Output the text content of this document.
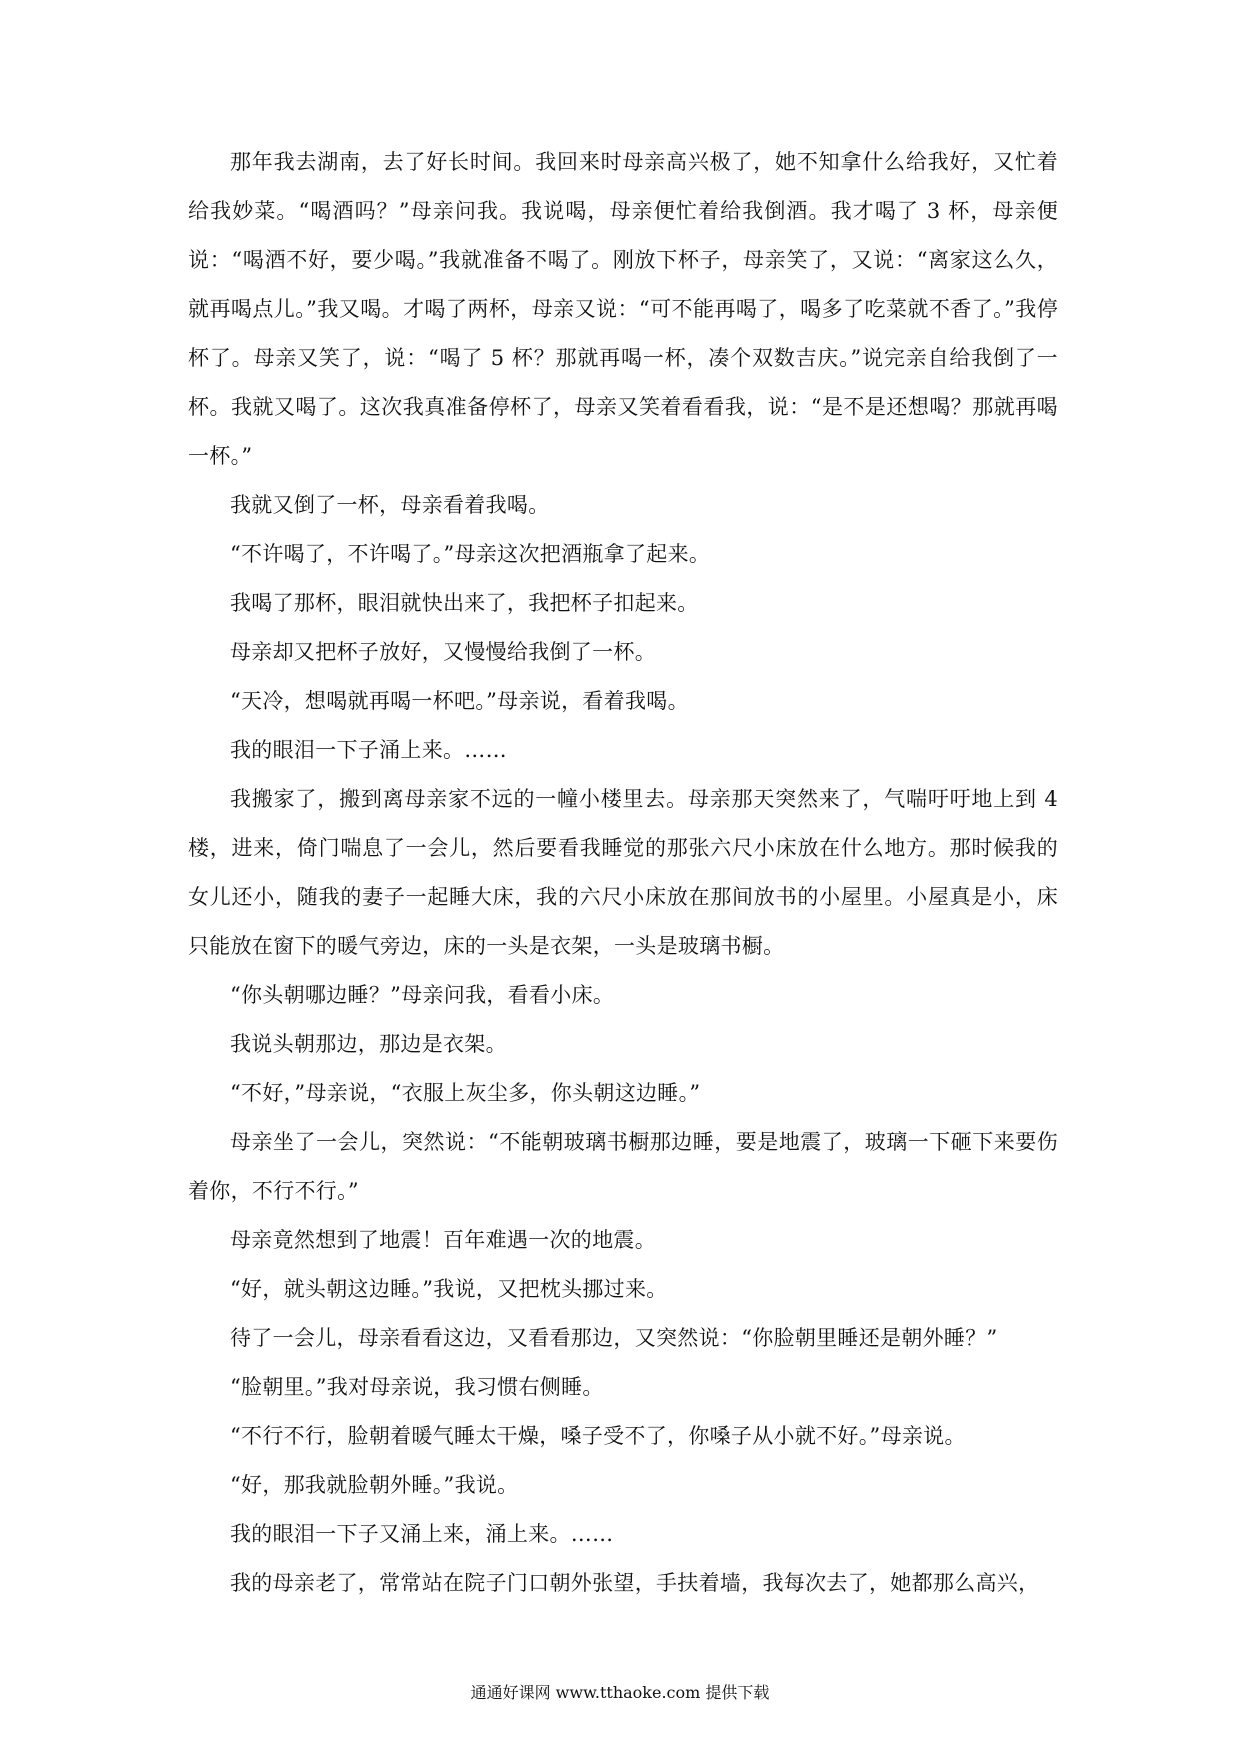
那年我去湖南，去了好长时间。我回来时母亲高兴极了，她不知拿什么给我好，又忙着给我妙菜。“喝酒吗？”母亲问我。我说喝，母亲便忙着给我倒酒。我才喝了 3 杯，母亲便说：“喝酒不好，要少喝。”我就准备不喝了。刚放下杯子，母亲笑了，又说：“离家这么久，就再喝点儿。”我又喝。才喝了两杯，母亲又说：“可不能再喝了，喝多了吃菜就不香了。”我停杯了。母亲又笑了，说：“喝了 5 杯？那就再喝一杯，凑个双数吉庆。”说完亲自给我倒了一杯。我就又喝了。这次我真准备停杯了，母亲又笑着看看我，说：“是不是还想喝？那就再喝一杯。”

我就又倒了一杯，母亲看着我喝。

“不许喝了，不许喝了。”母亲这次把酒瓶拿了起来。

我喝了那杯，眼泪就快出来了，我把杯子扣起来。

母亲却又把杯子放好，又慢慢给我倒了一杯。

“天冷，想喝就再喝一杯吧。”母亲说，看着我喝。

我的眼泪一下子涌上来。……

我搬家了，搬到离母亲家不远的一幢小楼里去。母亲那天突然来了，气喘吁吁地上到 4 楼，进来，倚门喘息了一会儿，然后要看我睡觉的那张六尺小床放在什么地方。那时候我的女儿还小，随我的妻子一起睡大床，我的六尺小床放在那间放书的小屋里。小屋真是小，床只能放在窗下的暖气旁边，床的一头是衣架，一头是玻璃书橱。

“你头朝哪边睡？”母亲问我，看看小床。

我说头朝那边，那边是衣架。

“不好，”母亲说，“衣服上灰尘多，你头朝这边睡。”

母亲坐了一会儿，突然说：“不能朝玻璃书橱那边睡，要是地震了，玻璃一下砸下来要伤着你，不行不行。”

母亲竟然想到了地震！百年难遇一次的地震。

“好，就头朝这边睡。”我说，又把枕头挪过来。

待了一会儿，母亲看看这边，又看看那边，又突然说：“你脸朝里睡还是朝外睡？”

“脸朝里。”我对母亲说，我习惯右侧睡。

“不行不行，脸朝着暖气睡太干燥，嗓子受不了，你嗓子从小就不好。”母亲说。

“好，那我就脸朝外睡。”我说。

我的眼泪一下子又涌上来，涌上来。……

我的母亲老了，常常站在院子门口朝外张望，手扶着墙，我每次去了，她都那么高兴，

通通好课网 www.tthaoke.com 提供下载
